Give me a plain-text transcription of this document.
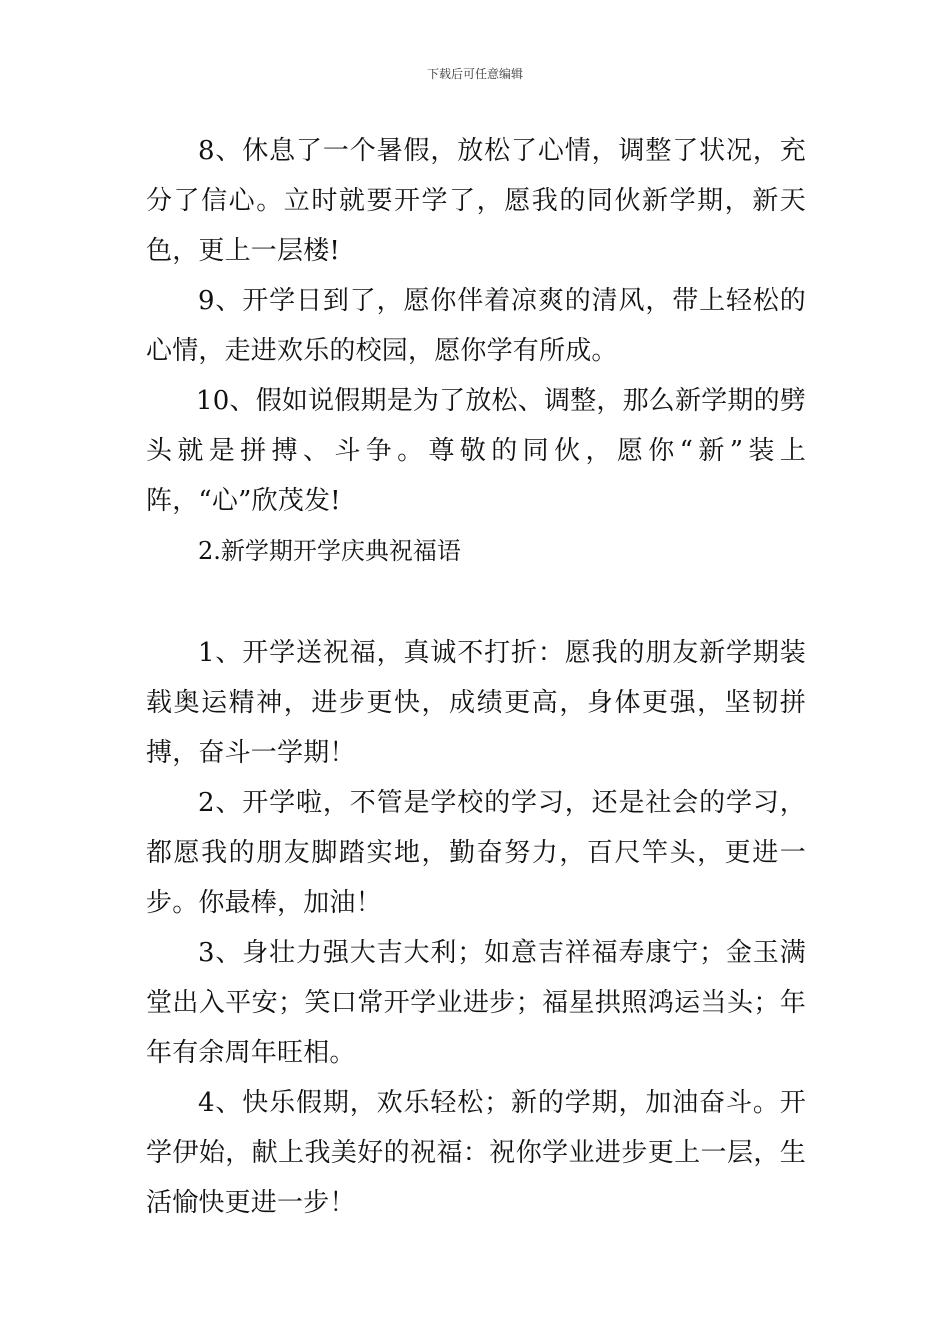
下载后可任意编辑

8、休息了一个暑假，放松了心情，调整了状况，充分了信心。立时就要开学了，愿我的同伙新学期，新天色，更上一层楼!

9、开学日到了，愿你伴着凉爽的清风，带上轻松的心情，走进欢乐的校园，愿你学有所成。

10、假如说假期是为了放松、调整，那么新学期的劈头就是拼搏、斗争。尊敬的同伙，愿你“新”装上阵，“心”欣茂发!

2.新学期开学庆典祝福语

1、开学送祝福，真诚不打折：愿我的朋友新学期装载奥运精神，进步更快，成绩更高，身体更强，坚韧拼搏，奋斗一学期！

2、开学啦，不管是学校的学习，还是社会的学习，都愿我的朋友脚踏实地，勤奋努力，百尺竿头，更进一步。你最棒，加油！

3、身壮力强大吉大利；如意吉祥福寿康宁；金玉满堂出入平安；笑口常开学业进步；福星拱照鸿运当头；年年有余周年旺相。

4、快乐假期，欢乐轻松；新的学期，加油奋斗。开学伊始，献上我美好的祝福：祝你学业进步更上一层，生活愉快更进一步！
